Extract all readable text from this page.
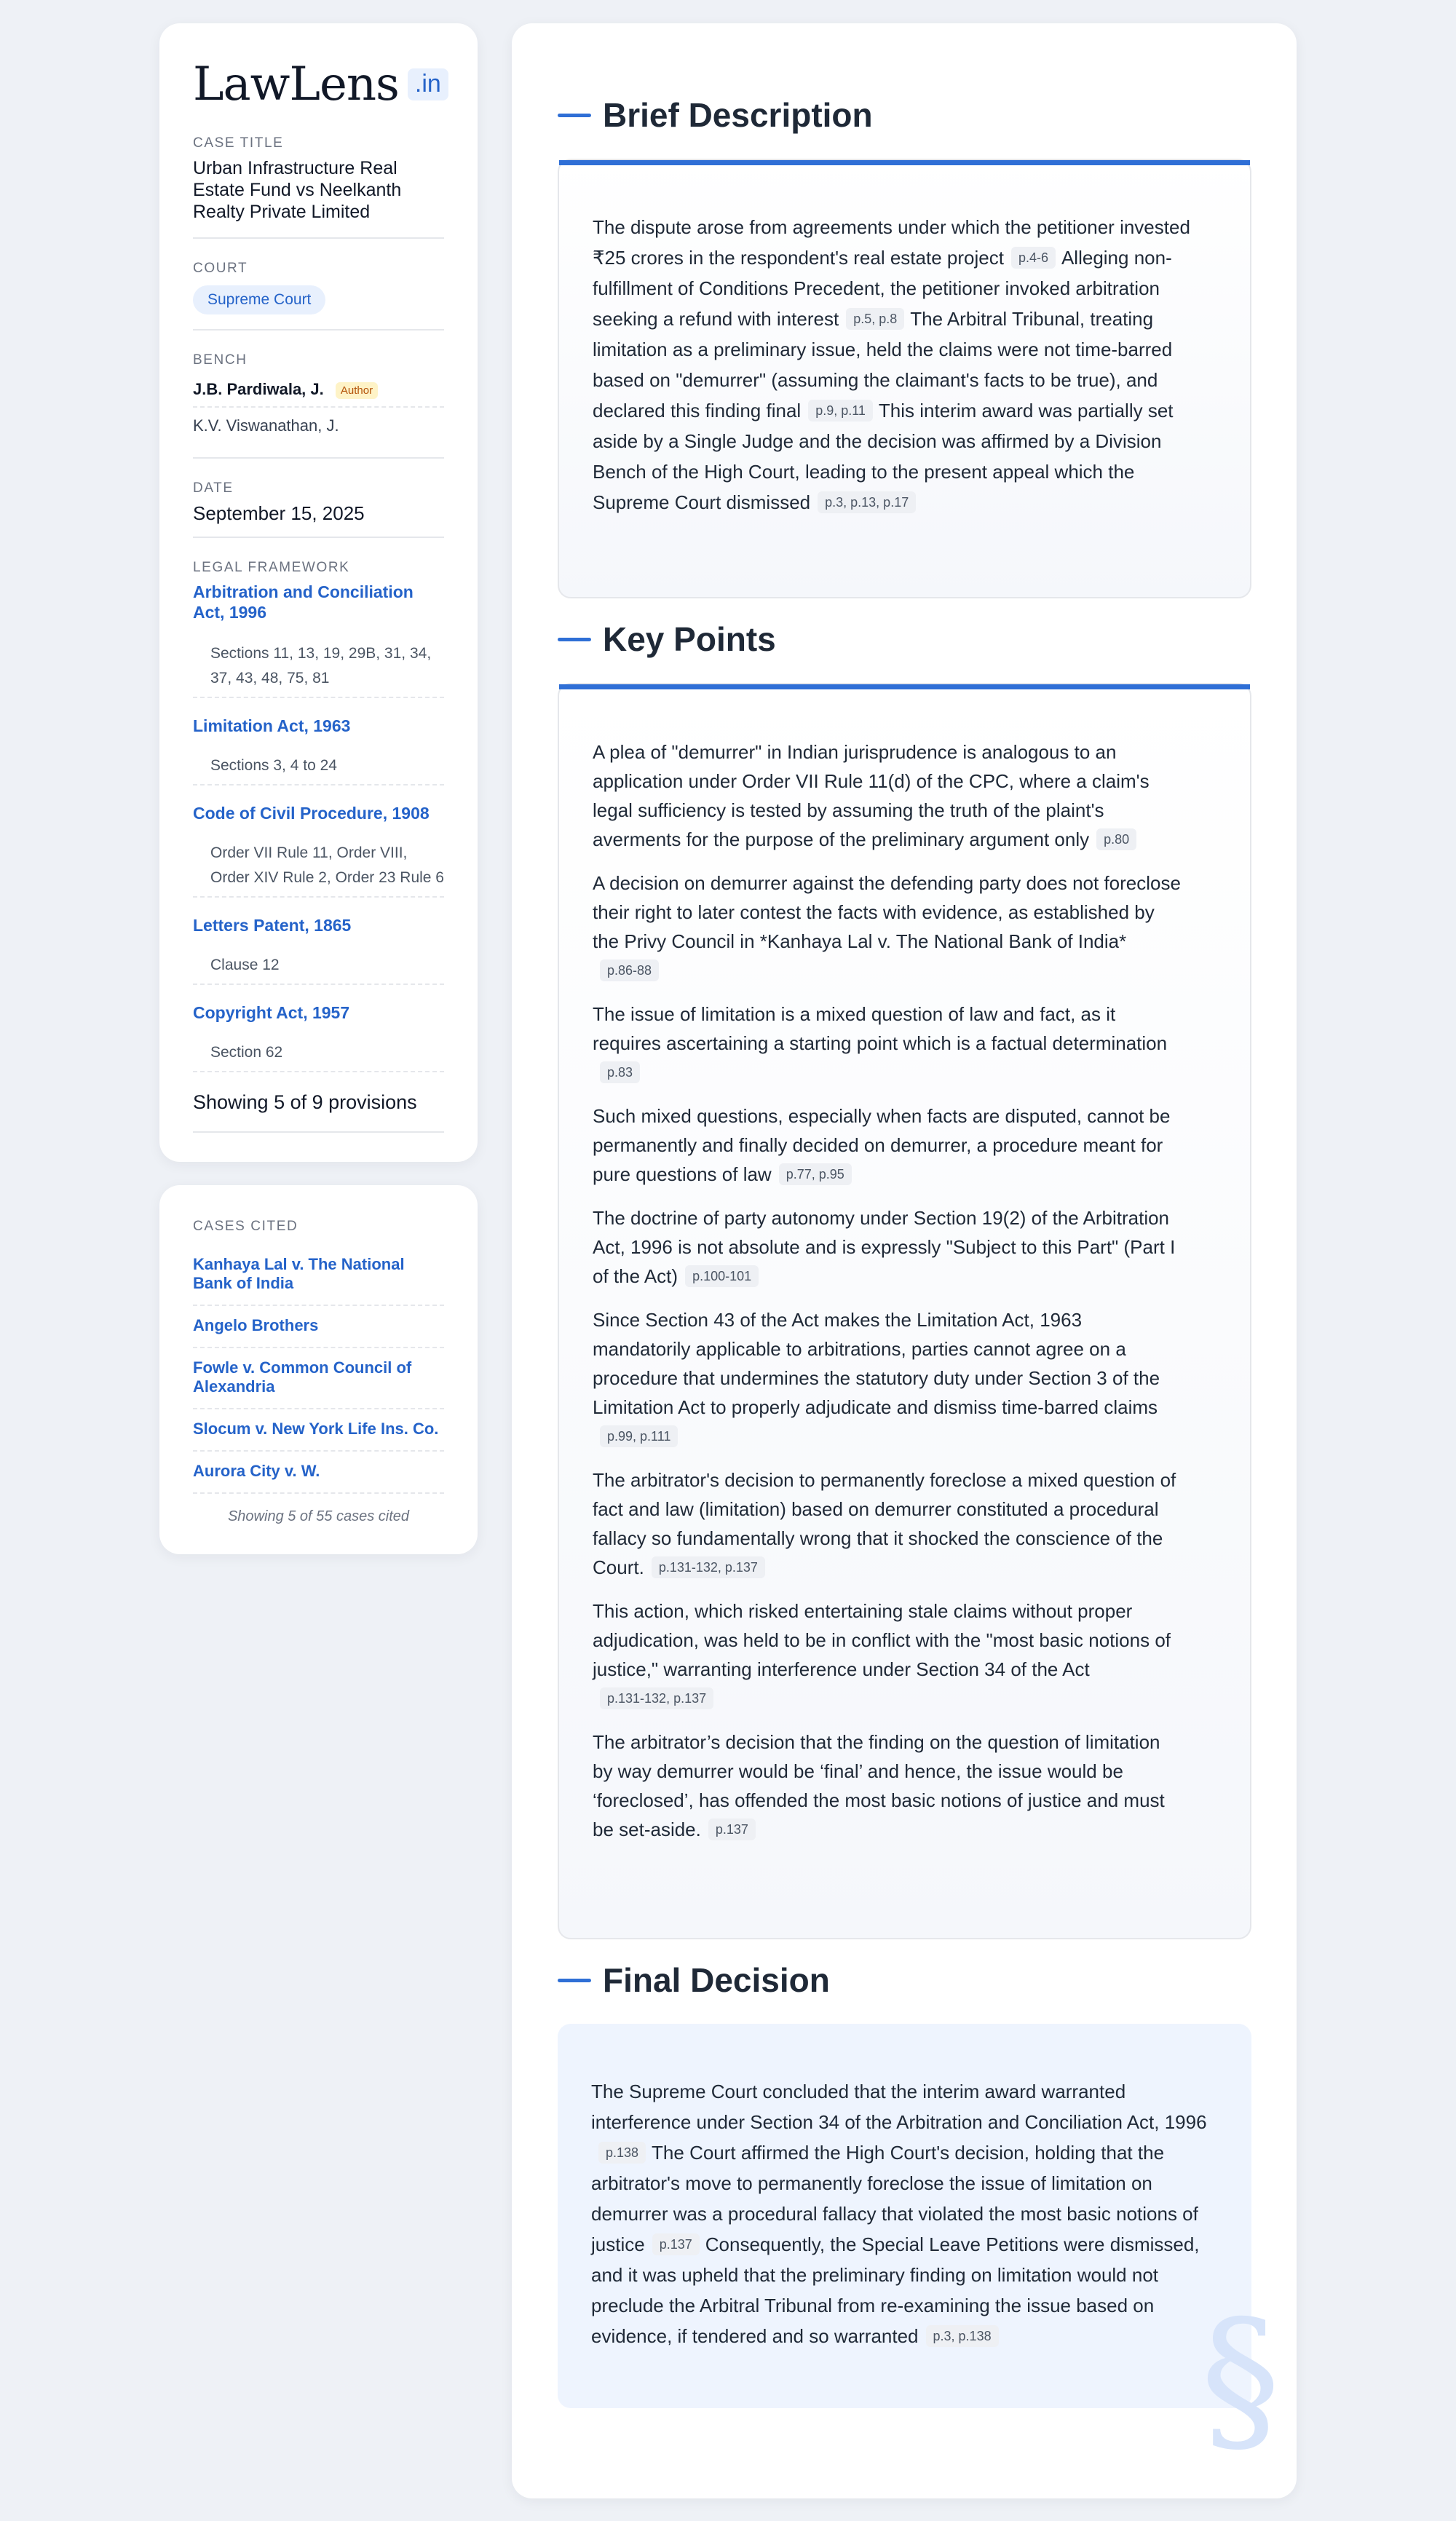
LawLens .in
CASE TITLE
Urban Infrastructure Real Estate Fund vs Neelkanth Realty Private Limited
COURT
Supreme Court
BENCH
J.B. Pardiwala, J. Author
K.V. Viswanathan, J.
DATE
September 15, 2025
LEGAL FRAMEWORK
Arbitration and Conciliation Act, 1996
Sections 11, 13, 19, 29B, 31, 34, 37, 43, 48, 75, 81
Limitation Act, 1963
Sections 3, 4 to 24
Code of Civil Procedure, 1908
Order VII Rule 11, Order VIII, Order XIV Rule 2, Order 23 Rule 6
Letters Patent, 1865
Clause 12
Copyright Act, 1957
Section 62
Showing 5 of 9 provisions
CASES CITED
Kanhaya Lal v. The National Bank of India
Angelo Brothers
Fowle v. Common Council of Alexandria
Slocum v. New York Life Ins. Co.
Aurora City v. W.
Showing 5 of 55 cases cited
Brief Description
The dispute arose from agreements under which the petitioner invested ₹25 crores in the respondent's real estate project p.4-6 Alleging non-fulfillment of Conditions Precedent, the petitioner invoked arbitration seeking a refund with interest p.5, p.8 The Arbitral Tribunal, treating limitation as a preliminary issue, held the claims were not time-barred based on "demurrer" (assuming the claimant's facts to be true), and declared this finding final p.9, p.11 This interim award was partially set aside by a Single Judge and the decision was affirmed by a Division Bench of the High Court, leading to the present appeal which the Supreme Court dismissed p.3, p.13, p.17
Key Points
A plea of "demurrer" in Indian jurisprudence is analogous to an application under Order VII Rule 11(d) of the CPC, where a claim's legal sufficiency is tested by assuming the truth of the plaint's averments for the purpose of the preliminary argument only p.80
A decision on demurrer against the defending party does not foreclose their right to later contest the facts with evidence, as established by the Privy Council in *Kanhaya Lal v. The National Bank of India*p.86-88
The issue of limitation is a mixed question of law and fact, as it requires ascertaining a starting point which is a factual determinationp.83
Such mixed questions, especially when facts are disputed, cannot be permanently and finally decided on demurrer, a procedure meant for pure questions of law p.77, p.95
The doctrine of party autonomy under Section 19(2) of the Arbitration Act, 1996 is not absolute and is expressly "Subject to this Part" (Part I of the Act) p.100-101
Since Section 43 of the Act makes the Limitation Act, 1963 mandatorily applicable to arbitrations, parties cannot agree on a procedure that undermines the statutory duty under Section 3 of the Limitation Act to properly adjudicate and dismiss time-barred claimsp.99, p.111
The arbitrator's decision to permanently foreclose a mixed question of fact and law (limitation) based on demurrer constituted a procedural fallacy so fundamentally wrong that it shocked the conscience of the Court. p.131-132, p.137
This action, which risked entertaining stale claims without proper adjudication, was held to be in conflict with the "most basic notions of justice," warranting interference under Section 34 of the Actp.131-132, p.137
The arbitrator’s decision that the finding on the question of limitation by way demurrer would be ‘final’ and hence, the issue would be ‘foreclosed’, has offended the most basic notions of justice and must be set-aside. p.137
Final Decision
The Supreme Court concluded that the interim award warranted interference under Section 34 of the Arbitration and Conciliation Act, 1996p.138 The Court affirmed the High Court's decision, holding that the arbitrator's move to permanently foreclose the issue of limitation on demurrer was a procedural fallacy that violated the most basic notions of justice p.137 Consequently, the Special Leave Petitions were dismissed, and it was upheld that the preliminary finding on limitation would not preclude the Arbitral Tribunal from re-examining the issue based on evidence, if tendered and so warranted p.3, p.138	§
